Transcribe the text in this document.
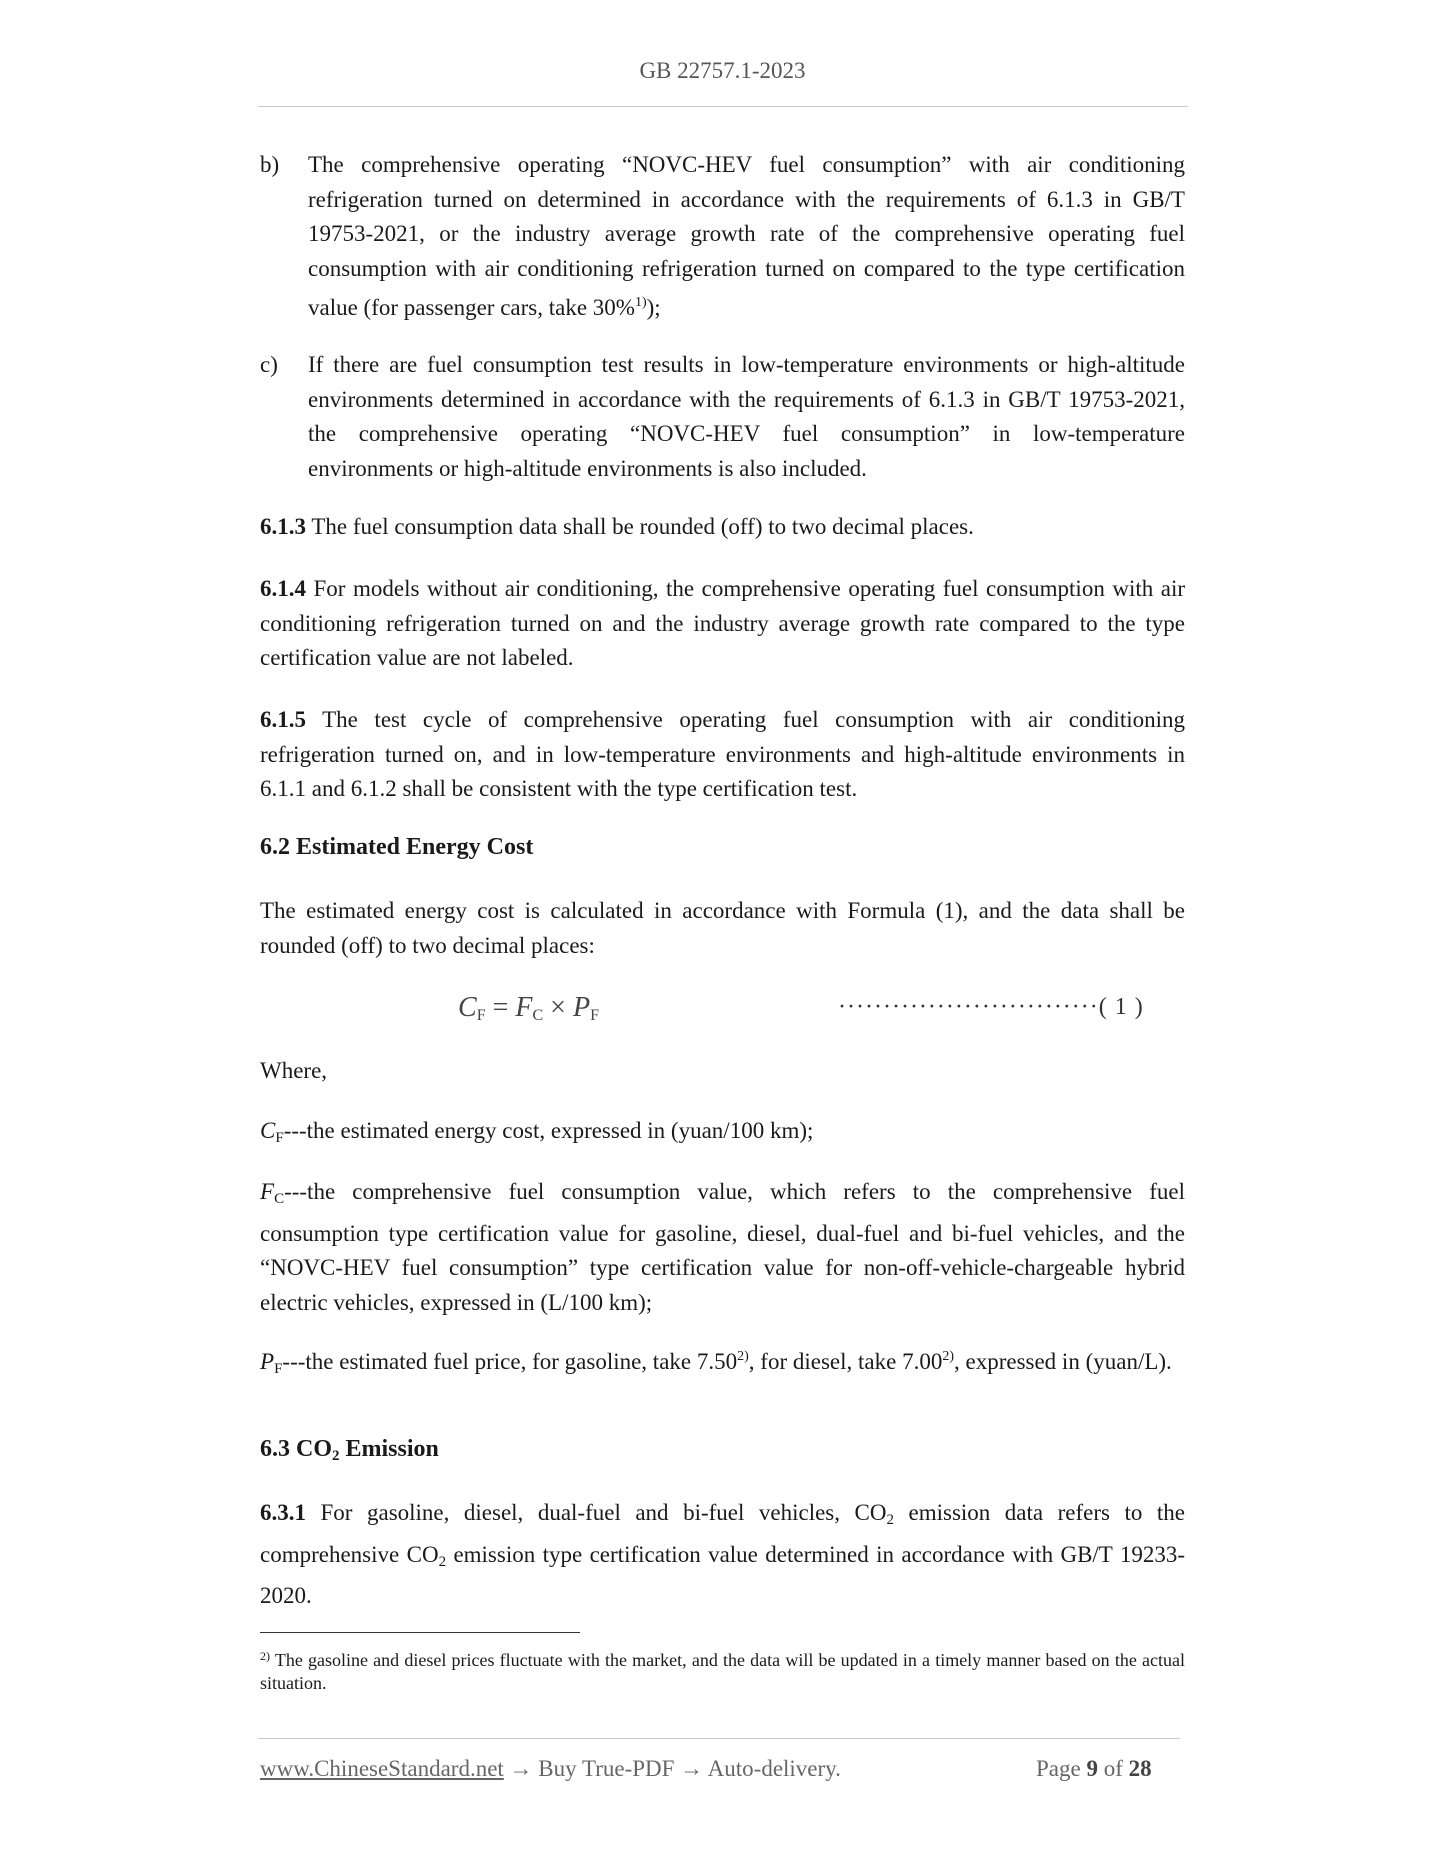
GB 22757.1-2023
b) The comprehensive operating “NOVC-HEV fuel consumption” with air conditioning refrigeration turned on determined in accordance with the requirements of 6.1.3 in GB/T 19753-2021, or the industry average growth rate of the comprehensive operating fuel consumption with air conditioning refrigeration turned on compared to the type certification value (for passenger cars, take 30%$^{1)}$);
c) If there are fuel consumption test results in low-temperature environments or high-altitude environments determined in accordance with the requirements of 6.1.3 in GB/T 19753-2021, the comprehensive operating “NOVC-HEV fuel consumption” in low-temperature environments or high-altitude environments is also included.
6.1.3 The fuel consumption data shall be rounded (off) to two decimal places.
6.1.4 For models without air conditioning, the comprehensive operating fuel consumption with air conditioning refrigeration turned on and the industry average growth rate compared to the type certification value are not labeled.
6.1.5 The test cycle of comprehensive operating fuel consumption with air conditioning refrigeration turned on, and in low-temperature environments and high-altitude environments in 6.1.1 and 6.1.2 shall be consistent with the type certification test.
6.2 Estimated Energy Cost
The estimated energy cost is calculated in accordance with Formula (1), and the data shall be rounded (off) to two decimal places:
$C_F = F_C \times P_F$	·····························( 1 )
Where,
$C_F--$-the estimated energy cost, expressed in (yuan/100 km);
$F_C--$-the comprehensive fuel consumption value, which refers to the comprehensive fuel consumption type certification value for gasoline, diesel, dual-fuel and bi-fuel vehicles, and the “NOVC-HEV fuel consumption” type certification value for non-off-vehicle-chargeable hybrid electric vehicles, expressed in (L/100 km);
$P_F--$-the estimated fuel price, for gasoline, take 7.50$^{2)}$, for diesel, take 7.00$^{2)}$, expressed in (yuan/L).
6.3 $CO_2$ Emission
6.3.1 For gasoline, diesel, dual-fuel and bi-fuel vehicles, $CO_2$ emission data refers to the comprehensive $CO_2$ emission type certification value determined in accordance with GB/T 19233-2020.
$^{2)}$ The gasoline and diesel prices fluctuate with the market, and the data will be updated in a timely manner based on the actual situation.
www.ChineseStandard.net → Buy True-PDF → Auto-delivery.	Page 9 of 28
